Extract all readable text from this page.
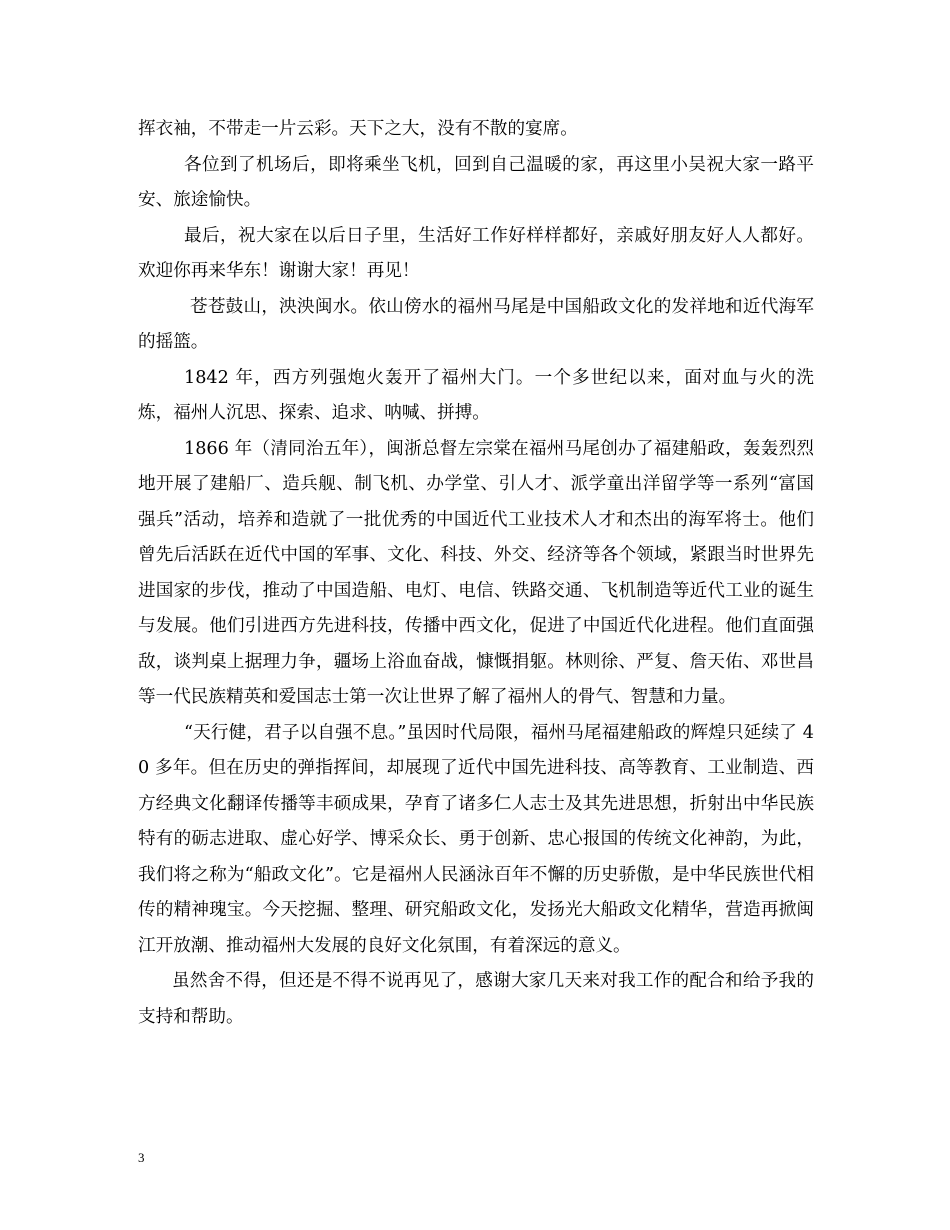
挥衣袖，不带走一片云彩。天下之大，没有不散的宴席。

各位到了机场后，即将乘坐飞机，回到自己温暖的家，再这里小吴祝大家一路平安、旅途愉快。

最后，祝大家在以后日子里，生活好工作好样样都好，亲戚好朋友好人人都好。欢迎你再来华东！谢谢大家！再见！

苍苍鼓山，泱泱闽水。依山傍水的福州马尾是中国船政文化的发祥地和近代海军的摇篮。

1842 年，西方列强炮火轰开了福州大门。一个多世纪以来，面对血与火的洗炼，福州人沉思、探索、追求、呐喊、拼搏。

1866 年（清同治五年），闽浙总督左宗棠在福州马尾创办了福建船政，轰轰烈烈地开展了建船厂、造兵舰、制飞机、办学堂、引人才、派学童出洋留学等一系列“富国强兵”活动，培养和造就了一批优秀的中国近代工业技术人才和杰出的海军将士。他们曾先后活跃在近代中国的军事、文化、科技、外交、经济等各个领域，紧跟当时世界先进国家的步伐，推动了中国造船、电灯、电信、铁路交通、飞机制造等近代工业的诞生与发展。他们引进西方先进科技，传播中西文化，促进了中国近代化进程。他们直面强敌，谈判桌上据理力争，疆场上浴血奋战，慷慨捐躯。林则徐、严复、詹天佑、邓世昌等一代民族精英和爱国志士第一次让世界了解了福州人的骨气、智慧和力量。

“天行健，君子以自强不息。”虽因时代局限，福州马尾福建船政的辉煌只延续了 40 多年。但在历史的弹指挥间，却展现了近代中国先进科技、高等教育、工业制造、西方经典文化翻译传播等丰硕成果，孕育了诸多仁人志士及其先进思想，折射出中华民族特有的砺志进取、虚心好学、博采众长、勇于创新、忠心报国的传统文化神韵，为此，我们将之称为“船政文化”。它是福州人民涵泳百年不懈的历史骄傲，是中华民族世代相传的精神瑰宝。今天挖掘、整理、研究船政文化，发扬光大船政文化精华，营造再掀闽江开放潮、推动福州大发展的良好文化氛围，有着深远的意义。

虽然舍不得，但还是不得不说再见了，感谢大家几天来对我工作的配合和给予我的支持和帮助。

3
